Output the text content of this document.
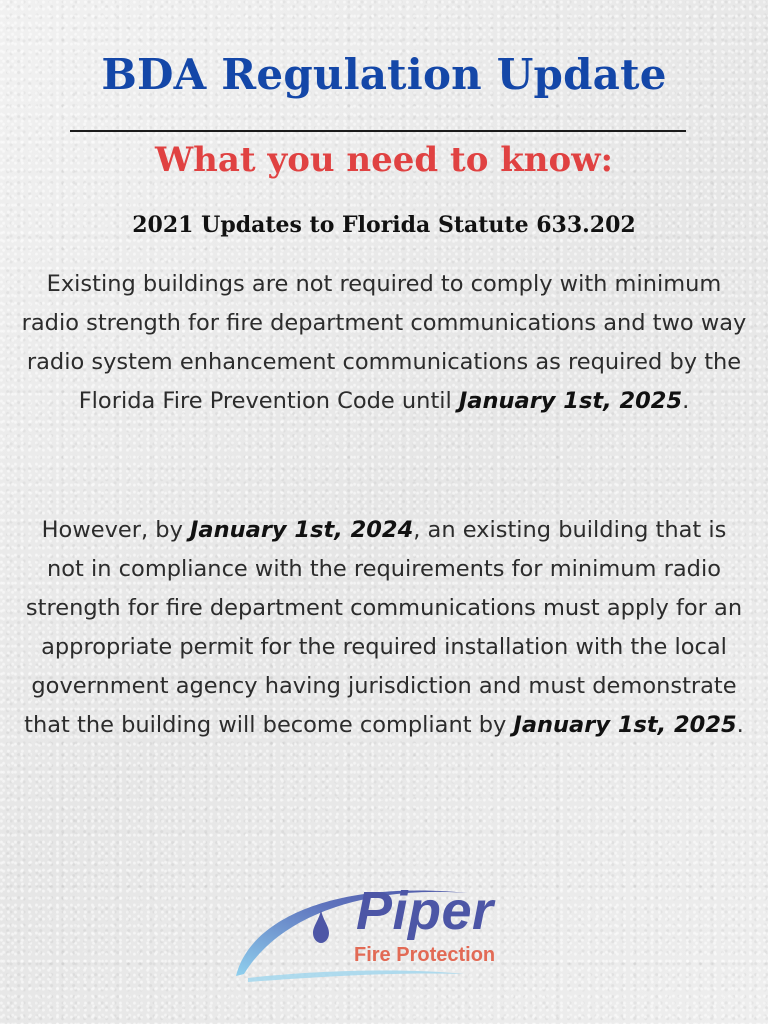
BDA Regulation Update
What you need to know:
2021 Updates to Florida Statute 633.202

Existing buildings are not required to comply with minimum radio strength for fire department communications and two way radio system enhancement communications as required by the Florida Fire Prevention Code until January 1st, 2025.

However, by January 1st, 2024, an existing building that is not in compliance with the requirements for minimum radio strength for fire department communications must apply for an appropriate permit for the required installation with the local government agency having jurisdiction and must demonstrate that the building will become compliant by January 1st, 2025.

Piper
Fire Protection
